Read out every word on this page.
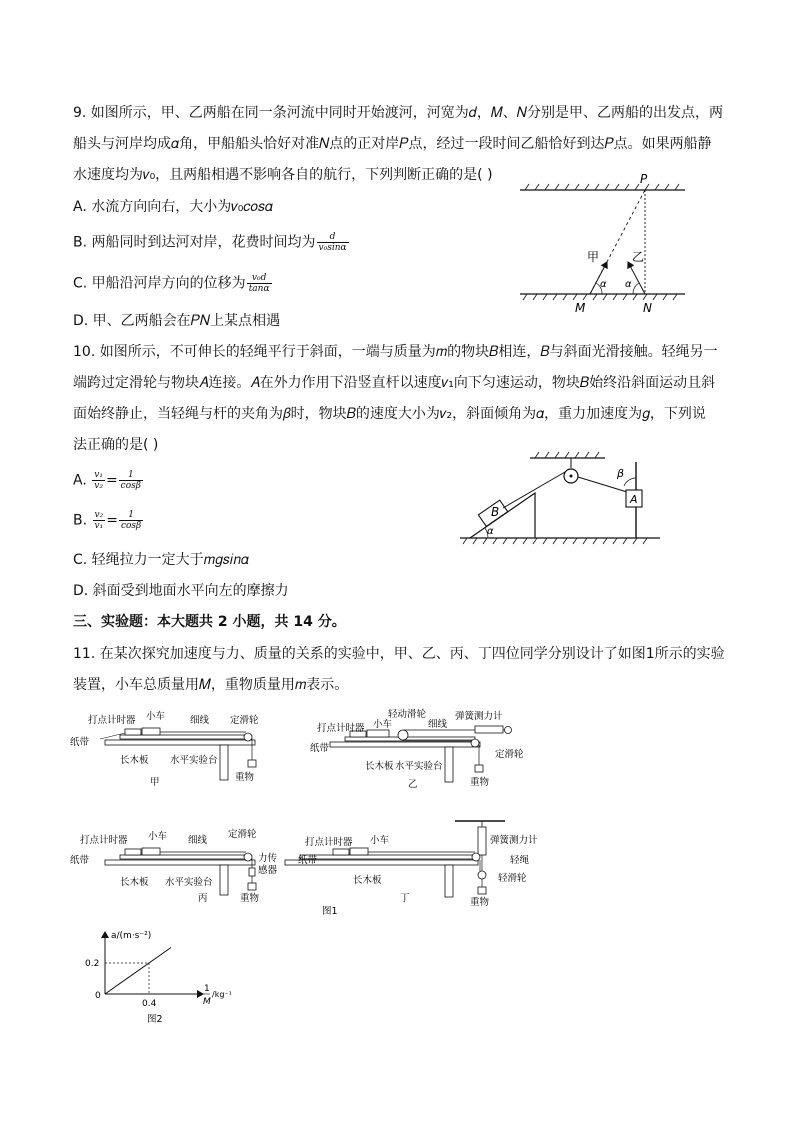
9. 如图所示，甲、乙两船在同一条河流中同时开始渡河，河宽为𝑑，𝑀、𝑁分别是甲、乙两船的出发点，两
船头与河岸均成𝛼角，甲船船头恰好对准𝑁点的正对岸𝑃点，经过一段时间乙船恰好到达𝑃点。如果两船静
水速度均为𝑣₀，且两船相遇不影响各自的航行，下列判断正确的是( )
A. 水流方向向右，大小为𝑣₀𝑐𝑜𝑠𝛼
B. 两船同时到达河对岸，花费时间均为 $\frac{d}{\text{v₀sinα}}$
C. 甲船沿河岸方向的位移为 $\frac{\text{v₀d}}{\tan\alpha}$
D. 甲、乙两船会在𝑃𝑁上某点相遇
P
M	N
甲	乙
α α
10. 如图所示，不可伸长的轻绳平行于斜面，一端与质量为𝑚的物块𝐵相连，𝐵与斜面光滑接触。轻绳另一
端跨过定滑轮与物块𝐴连接。𝐴在外力作用下沿竖直杆以速度𝑣₁向下匀速运动，物块𝐵始终沿斜面运动且斜
面始终静止，当轻绳与杆的夹角为𝛽时，物块𝐵的速度大小为𝑣₂，斜面倾角为𝛼，重力加速度为𝑔，下列说
法正确的是( )
A. $\frac{\text{v₁}}{\text{v₂}} = \frac{1}{\cos\beta}$
B. $\frac{\text{v₂}}{\text{v₁}} = \frac{1}{\cos\beta}$
C. 轻绳拉力一定大于𝑚𝑔𝑠𝑖𝑛𝛼
D. 斜面受到地面水平向左的摩擦力
B
A
α
β
三、实验题：本大题共 2 小题，共 14 分。
11. 在某次探究加速度与力、质量的关系的实验中，甲、乙、丙、丁四位同学分别设计了如图1所示的实验
装置，小车总质量用𝑀，重物质量用𝑚表示。
打点计时器 小车	细线 定滑轮
纸带
长木板 水平实验台
重物
甲
轻动滑轮	弹簧测力计
小车
打点计时器	细线
纸带
长木板 水平实验台
定滑轮
重物
乙
打点计时器 小车 细线
定滑轮
纸带	力传
感器
长木板 水平实验台
重物
丙
打点计时器 小车	弹簧测力计
轻绳
轻滑轮
纸带
长木板
重物
丁
图1
a/(m·s⁻²)
0.2
0.4
0
1
M
/kg⁻¹
图2
